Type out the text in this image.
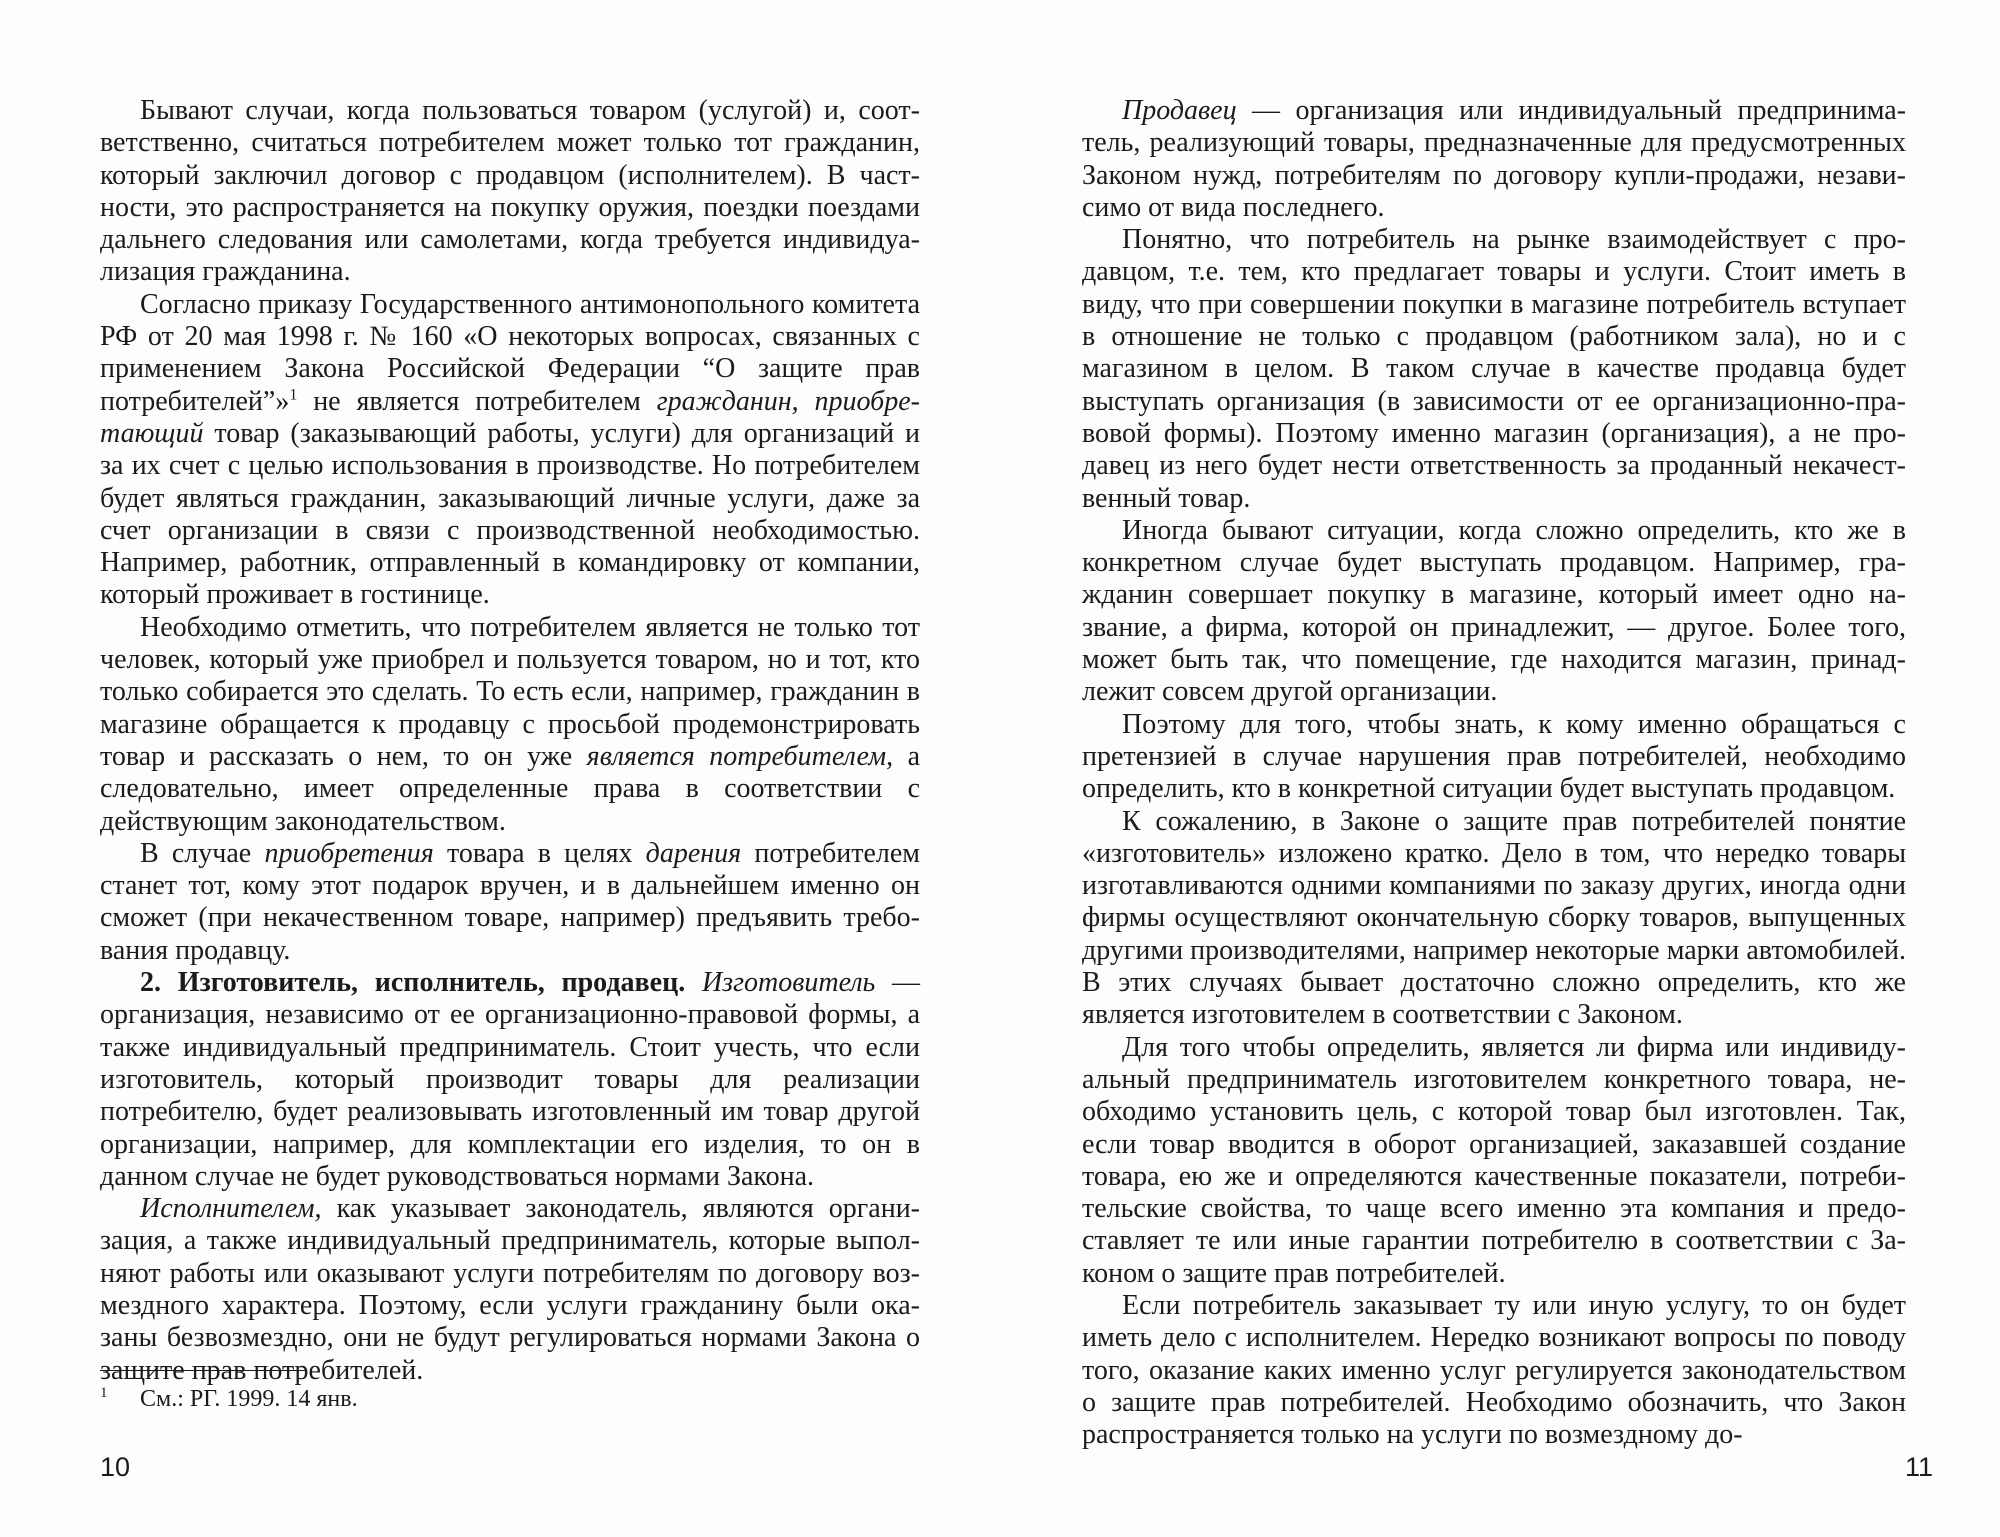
Бывают случаи, когда пользоваться товаром (услугой) и, соответственно, считаться потребителем может только тот гражданин, который заключил договор с продавцом (исполнителем). В частности, это распространяется на покупку оружия, поездки поездами дальнего следования или самолетами, когда требуется индивидуализация гражданина.

Согласно приказу Государственного антимонопольного комитета РФ от 20 мая 1998 г. № 160 «О некоторых вопросах, связанных с применением Закона Российской Федерации “О защите прав потребителей”»$^1$ не является потребителем гражданин, приобретающий товар (заказывающий работы, услуги) для организаций и за их счет с целью использования в производстве. Но потребителем будет являться гражданин, заказывающий личные услуги, даже за счет организации в связи с производственной необходимостью. Например, работник, отправленный в командировку от компании, который проживает в гостинице.

Необходимо отметить, что потребителем является не только тот человек, который уже приобрел и пользуется товаром, но и тот, кто только собирается это сделать. То есть если, например, гражданин в магазине обращается к продавцу с просьбой продемонстрировать товар и рассказать о нем, то он уже является потребителем, а следовательно, имеет определенные права в соответствии с действующим законодательством.

В случае приобретения товара в целях дарения потребителем станет тот, кому этот подарок вручен, и в дальнейшем именно он сможет (при некачественном товаре, например) предъявить требования продавцу.

2. Изготовитель, исполнитель, продавец. Изготовитель — организация, независимо от ее организационно-правовой формы, а также индивидуальный предприниматель. Стоит учесть, что если изготовитель, который производит товары для реализации потребителю, будет реализовывать изготовленный им товар другой организации, например, для комплектации его изделия, то он в данном случае не будет руководствоваться нормами Закона.

Исполнителем, как указывает законодатель, являются организация, а также индивидуальный предприниматель, которые выполняют работы или оказывают услуги потребителям по договору возмездного характера. Поэтому, если услуги гражданину были оказаны безвозмездно, они не будут регулироваться нормами Закона о защите прав потребителей.

1 См.: РГ. 1999. 14 янв.
10

Продавец — организация или индивидуальный предприниматель, реализующий товары, предназначенные для предусмотренных Законом нужд, потребителям по договору купли-продажи, независимо от вида последнего.

Понятно, что потребитель на рынке взаимодействует с продавцом, т.е. тем, кто предлагает товары и услуги. Стоит иметь в виду, что при совершении покупки в магазине потребитель вступает в отношение не только с продавцом (работником зала), но и с магазином в целом. В таком случае в качестве продавца будет выступать организация (в зависимости от ее организационно-правовой формы). Поэтому именно магазин (организация), а не продавец из него будет нести ответственность за проданный некачественный товар.

Иногда бывают ситуации, когда сложно определить, кто же в конкретном случае будет выступать продавцом. Например, гражданин совершает покупку в магазине, который имеет одно название, а фирма, которой он принадлежит, — другое. Более того, может быть так, что помещение, где находится магазин, принадлежит совсем другой организации.

Поэтому для того, чтобы знать, к кому именно обращаться с претензией в случае нарушения прав потребителей, необходимо определить, кто в конкретной ситуации будет выступать продавцом.

К сожалению, в Законе о защите прав потребителей понятие «изготовитель» изложено кратко. Дело в том, что нередко товары изготавливаются одними компаниями по заказу других, иногда одни фирмы осуществляют окончательную сборку товаров, выпущенных другими производителями, например некоторые марки автомобилей. В этих случаях бывает достаточно сложно определить, кто же является изготовителем в соответствии с Законом.

Для того чтобы определить, является ли фирма или индивидуальный предприниматель изготовителем конкретного товара, необходимо установить цель, с которой товар был изготовлен. Так, если товар вводится в оборот организацией, заказавшей создание товара, ею же и определяются качественные показатели, потребительские свойства, то чаще всего именно эта компания и предоставляет те или иные гарантии потребителю в соответствии с Законом о защите прав потребителей.

Если потребитель заказывает ту или иную услугу, то он будет иметь дело с исполнителем. Нередко возникают вопросы по поводу того, оказание каких именно услуг регулируется законодательством о защите прав потребителей. Необходимо обозначить, что Закон распространяется только на услуги по возмездному до-

11
